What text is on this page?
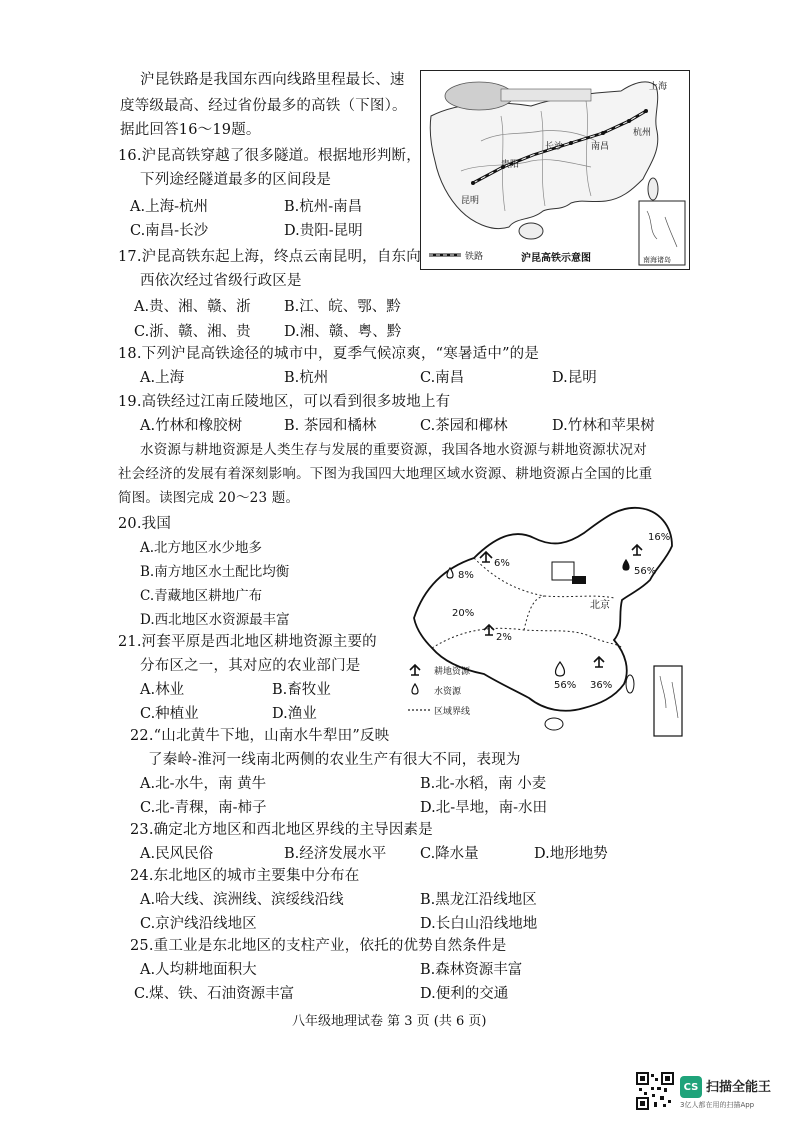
沪昆铁路是我国东西向线路里程最长、速
度等级最高、经过省份最多的高铁（下图）。
据此回答16～19题。
上海
杭州
长沙	南昌
贵阳
昆明
铁路	沪昆高铁示意图	南海诸岛
16.沪昆高铁穿越了很多隧道。根据地形判断，
下列途经隧道最多的区间段是
A.上海-杭州	B.杭州-南昌
C.南昌-长沙	D.贵阳-昆明
17.沪昆高铁东起上海，终点云南昆明，自东向
西依次经过省级行政区是
A.贵、湘、赣、浙 B.江、皖、鄂、黔
C.浙、赣、湘、贵 D.湘、赣、粤、黔
18.下列沪昆高铁途径的城市中，夏季气候凉爽，“寒暑适中”的是
A.上海	B.杭州	C.南昌	D.昆明
19.高铁经过江南丘陵地区，可以看到很多坡地上有
A.竹林和橡胶树	B. 茶园和橘林	C.茶园和椰林	D.竹林和苹果树
水资源与耕地资源是人类生存与发展的重要资源，我国各地水资源与耕地资源状况对
社会经济的发展有着深刻影响。下图为我国四大地理区域水资源、耕地资源占全国的比重
简图。读图完成 20～23 题。
16%
6%
8%	56%
北京
20%
2%
56% 36%
耕地资源
水资源
区域界线
20.我国
A.北方地区水少地多
B.南方地区水土配比均衡
C.青藏地区耕地广布
D.西北地区水资源最丰富
21.河套平原是西北地区耕地资源主要的
分布区之一，其对应的农业部门是
A.林业	B.畜牧业
C.种植业	D.渔业
22.“山北黄牛下地，山南水牛犁田”反映
了秦岭-淮河一线南北两侧的农业生产有很大不同，表现为
A.北-水牛，南 黄牛	B.北-水稻，南 小麦
C.北-青稞，南-柿子	D.北-旱地，南-水田
23.确定北方地区和西北地区界线的主导因素是
A.民风民俗	B.经济发展水平 C.降水量	D.地形地势
24.东北地区的城市主要集中分布在
A.哈大线、滨洲线、滨绥线沿线	B.黑龙江沿线地区
C.京沪线沿线地区	D.长白山沿线地地
25.重工业是东北地区的支柱产业，依托的优势自然条件是
A.人均耕地面积大	B.森林资源丰富
C.煤、铁、石油资源丰富	D.便利的交通
八年级地理试卷 第 3 页 (共 6 页)
CS 扫描全能王
3亿人都在用的扫描App
